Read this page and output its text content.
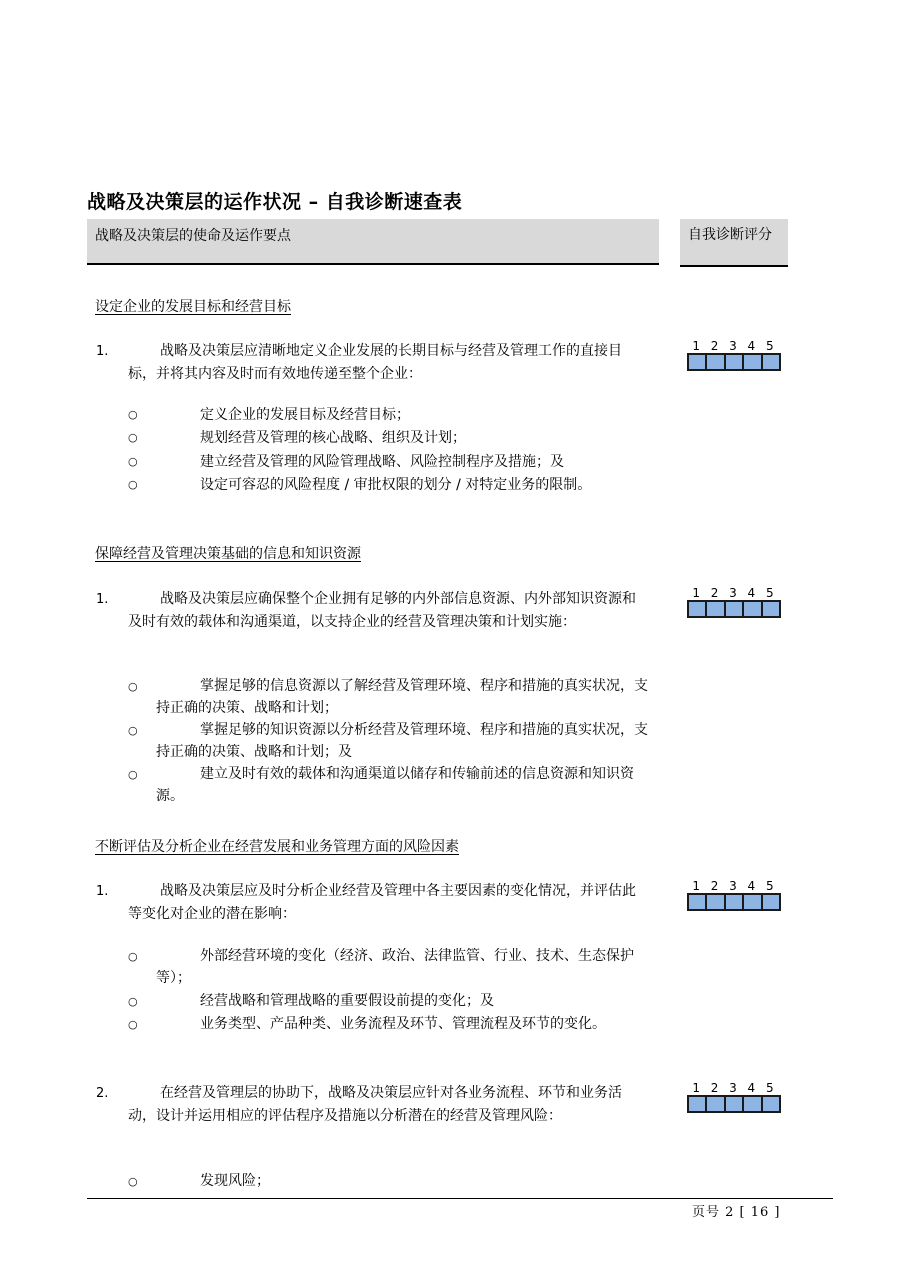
战略及决策层的运作状况 – 自我诊断速查表
战略及决策层的使命及运作要点	自我诊断评分
设定企业的发展目标和经营目标
1.	战略及决策层应清晰地定义企业发展的长期目标与经营及管理工作的直接目标，并将其内容及时而有效地传递至整个企业：
1 2 3 4 5
○	定义企业的发展目标及经营目标；
○	规划经营及管理的核心战略、组织及计划；
○	建立经营及管理的风险管理战略、风险控制程序及措施；及
○	设定可容忍的风险程度 / 审批权限的划分 / 对特定业务的限制。
保障经营及管理决策基础的信息和知识资源
1.	战略及决策层应确保整个企业拥有足够的内外部信息资源、内外部知识资源和及时有效的载体和沟通渠道，以支持企业的经营及管理决策和计划实施：
1 2 3 4 5
○	掌握足够的信息资源以了解经营及管理环境、程序和措施的真实状况，支持正确的决策、战略和计划；
○	掌握足够的知识资源以分析经营及管理环境、程序和措施的真实状况，支持正确的决策、战略和计划；及
○	建立及时有效的载体和沟通渠道以储存和传输前述的信息资源和知识资源。
不断评估及分析企业在经营发展和业务管理方面的风险因素
1.	战略及决策层应及时分析企业经营及管理中各主要因素的变化情况，并评估此等变化对企业的潜在影响：
1 2 3 4 5
○	外部经营环境的变化（经济、政治、法律监管、行业、技术、生态保护等）；
○	经营战略和管理战略的重要假设前提的变化；及
○	业务类型、产品种类、业务流程及环节、管理流程及环节的变化。
2.	在经营及管理层的协助下，战略及决策层应针对各业务流程、环节和业务活动，设计并运用相应的评估程序及措施以分析潜在的经营及管理风险：
1 2 3 4 5
○	发现风险；
页号 2 [ 16 ]
